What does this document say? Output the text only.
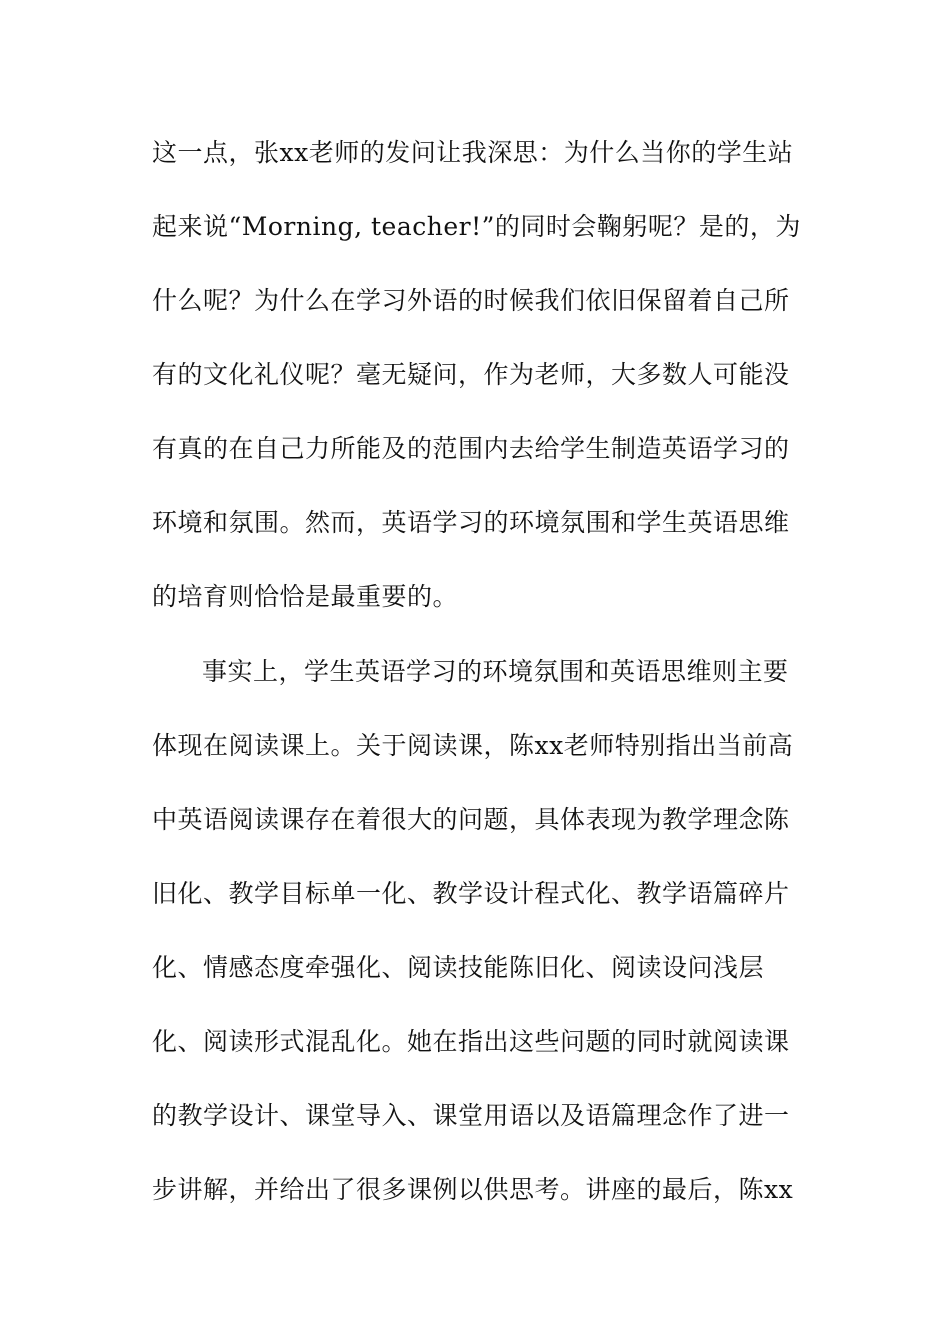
这一点，张xx老师的发问让我深思：为什么当你的学生站
起来说“Morning, teacher!”的同时会鞠躬呢？是的，为
什么呢？为什么在学习外语的时候我们依旧保留着自己所
有的文化礼仪呢？毫无疑问，作为老师，大多数人可能没
有真的在自己力所能及的范围内去给学生制造英语学习的
环境和氛围。然而，英语学习的环境氛围和学生英语思维
的培育则恰恰是最重要的。
事实上，学生英语学习的环境氛围和英语思维则主要
体现在阅读课上。关于阅读课，陈xx老师特别指出当前高
中英语阅读课存在着很大的问题，具体表现为教学理念陈
旧化、教学目标单一化、教学设计程式化、教学语篇碎片
化、情感态度牵强化、阅读技能陈旧化、阅读设问浅层
化、阅读形式混乱化。她在指出这些问题的同时就阅读课
的教学设计、课堂导入、课堂用语以及语篇理念作了进一
步讲解，并给出了很多课例以供思考。讲座的最后，陈xx
